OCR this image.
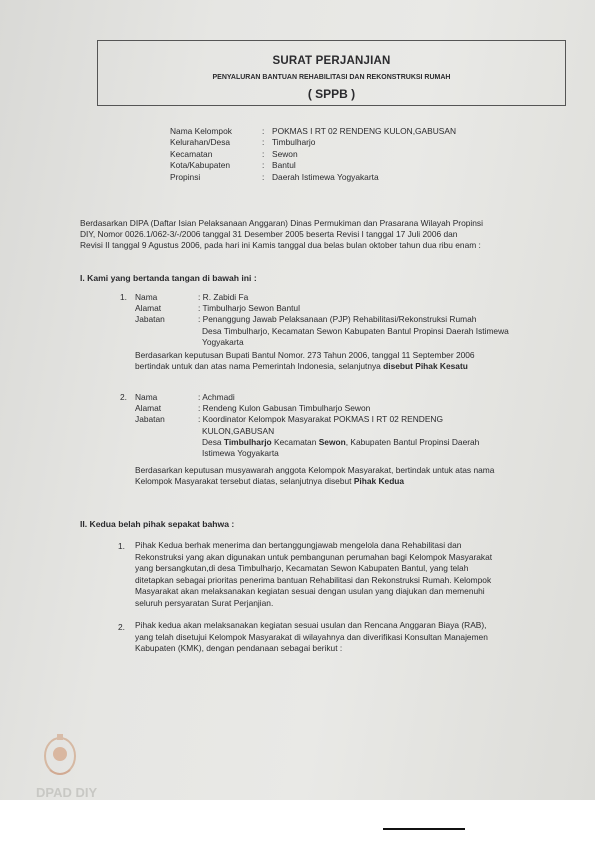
SURAT PERJANJIAN
PENYALURAN BANTUAN REHABILITASI DAN REKONSTRUKSI RUMAH
( SPPB )
Nama Kelompok	: POKMAS I RT 02 RENDENG KULON,GABUSAN
Kelurahan/Desa	: Timbulharjo
Kecamatan	: Sewon
Kota/Kabupaten	: Bantul
Propinsi	: Daerah Istimewa Yogyakarta
Berdasarkan DIPA (Daftar Isian Pelaksanaan Anggaran) Dinas Permukiman dan Prasarana Wilayah Propinsi
DIY, Nomor 0026.1/062-3/-/2006 tanggal 31 Desember 2005 beserta Revisi I tanggal 17 Juli 2006 dan
Revisi II tanggal 9 Agustus 2006, pada hari ini Kamis tanggal dua belas bulan oktober tahun dua ribu enam :
I. Kami yang bertanda tangan di bawah ini :
1. Nama	: R. Zabidi Fa
Alamat	: Timbulharjo Sewon Bantul
Jabatan	: Penanggung Jawab Pelaksanaan (PJP) Rehabilitasi/Rekonstruksi Rumah
Desa Timbulharjo, Kecamatan Sewon Kabupaten Bantul Propinsi Daerah Istimewa
Yogyakarta
Berdasarkan keputusan Bupati Bantul Nomor. 273 Tahun 2006, tanggal 11 September 2006
bertindak untuk dan atas nama Pemerintah Indonesia, selanjutnya disebut Pihak Kesatu
2. Nama	: Achmadi
Alamat	: Rendeng Kulon Gabusan Timbulharjo Sewon
Jabatan	: Koordinator Kelompok Masyarakat POKMAS I RT 02 RENDENG
KULON,GABUSAN
Desa Timbulharjo Kecamatan Sewon, Kabupaten Bantul Propinsi Daerah
Istimewa Yogyakarta
Berdasarkan keputusan musyawarah anggota Kelompok Masyarakat, bertindak untuk atas nama
Kelompok Masyarakat tersebut diatas, selanjutnya disebut Pihak Kedua
II. Kedua belah pihak sepakat bahwa :
1. Pihak Kedua berhak menerima dan bertanggungjawab mengelola dana Rehabilitasi dan
Rekonstruksi yang akan digunakan untuk pembangunan perumahan bagi Kelompok Masyarakat
yang bersangkutan,di desa Timbulharjo, Kecamatan Sewon Kabupaten Bantul, yang telah
ditetapkan sebagai prioritas penerima bantuan Rehabilitasi dan Rekonstruksi Rumah. Kelompok
Masyarakat akan melaksanakan kegiatan sesuai dengan usulan yang diajukan dan memenuhi
seluruh persyaratan Surat Perjanjian.
2. Pihak kedua akan melaksanakan kegiatan sesuai usulan dan Rencana Anggaran Biaya (RAB),
yang telah disetujui Kelompok Masyarakat di wilayahnya dan diverifikasi Konsultan Manajemen
Kabupaten (KMK), dengan pendanaan sebagai berikut :
DPAD DIY
